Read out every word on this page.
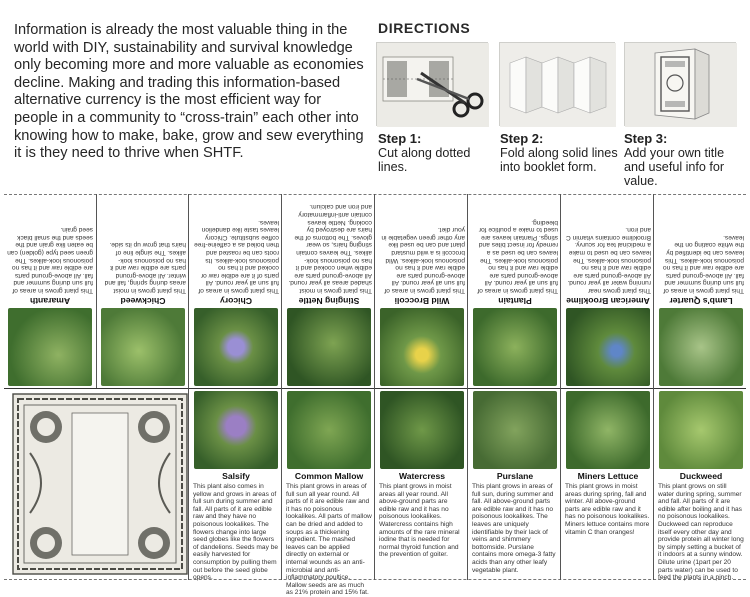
Information is already the most valuable thing in the world with DIY, sustainability and survival knowledge only becoming more and more valuable as economies decline. Making and trading this information-based alternative currency is the most efficient way for people in a community to “cross-train” each other into knowing how to make, bake, grow and sew everything it is they need to thrive when SHTF.
DIRECTIONS
Step 1:
Cut along dotted lines.
Step 2:
Fold along solid lines into booklet form.
Step 3:
Add your own title and useful info for value.
Amaranth
This plant grows in areas of full sun during summer and fall. All above-ground parts are edible raw and it has no poisonous look-alikes. The green seed type (golden) can be eaten like grain and the seeds and the small black seed grain.
Chickweed
This plant grows in moist areas during spring, fall and winter. All above-ground parts are edible raw and it has no poisonous look-alikes. The single line of hairs that grow up its side.
Chicory
This plant grows in areas of full sun all year round. All parts of it are edible raw or cooked and it has no poisonous look-alikes. Its roots can be roasted and then boiled as a caffeine-free coffee substitute. Chicory leaves taste like dandelion leaves.
Stinging Nettle
This plant grows in moist shaded areas all year round. All above-ground parts are edible when cooked and it has no poisonous look-alikes. The leaves contain stinging hairs, so wear gloves. The bottoms of the hairs are destroyed by cooking. Nettle leaves contain anti-inflammatory and iron and calcium.
Wild Broccoli
This plant grows in areas of full sun all year round. All above-ground parts are edible raw and it has no poisonous look-alikes. Wild broccoli is a wild mustard plant and can be used like any other green vegetable in your diet.
Plantain
This plant grows in areas of full sun all year round. All above-ground parts are edible raw and it has no poisonous look-alikes. The leaves can be used as a remedy for insect bites and stings. Plantain leaves are used to make a poultice for bleeding.
American Brooklime
This plant grows near running water all year round. All above-ground parts are edible raw and it has no poisonous look-alikes. The leaves can be used to make a medicinal tea for scurvy. Brooklime contains vitamin C and iron.
Lamb's Quarter
This plant grows in areas of full sun during summer and fall. All above-ground parts are edible raw and it has no poisonous look-alikes. This leaves can be identified by the white coating on the leaves.
Salsify
This plant also comes in yellow and grows in areas of full sun during summer and fall. All parts of it are edible raw and they have no poisonous lookalikes. The flowers change into large seed globes like the flowers of dandelions. Seeds may be easily harvested for consumption by pulling them out before the seed globe opens.
Common Mallow
This plant grows in areas of full sun all year round. All parts of it are edible raw and it has no poisonous lookalikes. All parts of mallow can be dried and added to soups as a thickening ingredient. The mashed leaves can be applied directly on external or internal wounds as an anti-microbial and anti-inflammatory poultice. Mallow seeds are as much as 21% protein and 15% fat.
Watercress
This plant grows in moist areas all year round. All above-ground parts are edible raw and it has no poisonous lookalikes. Watercress contains high amounts of the rare mineral iodine that is needed for normal thyroid function and the prevention of goiter.
Purslane
This plant grows in areas of full sun, during summer and fall. All above-ground parts are edible raw and it has no poisonous lookalikes. The leaves are uniquely identifiable by their lack of veins and shimmery bottomside. Purslane contains more omega-3 fatty acids than any other leafy vegetable plant.
Miners Lettuce
This plant grows in moist areas during spring, fall and winter. All above-ground parts are edible raw and it has no poisonous lookalikes. Miners lettuce contains more vitamin C than oranges!
Duckweed
This plant grows on still water during spring, summer and fall. All parts of it are edible after boiling and it has no poisonous lookalikes. Duckweed can reproduce itself every other day and provide protein all winter long by simply setting a bucket of it indoors at a sunny window. Dilute urine (1part per 20 parts water) can be used to feed the plants in a pinch.
